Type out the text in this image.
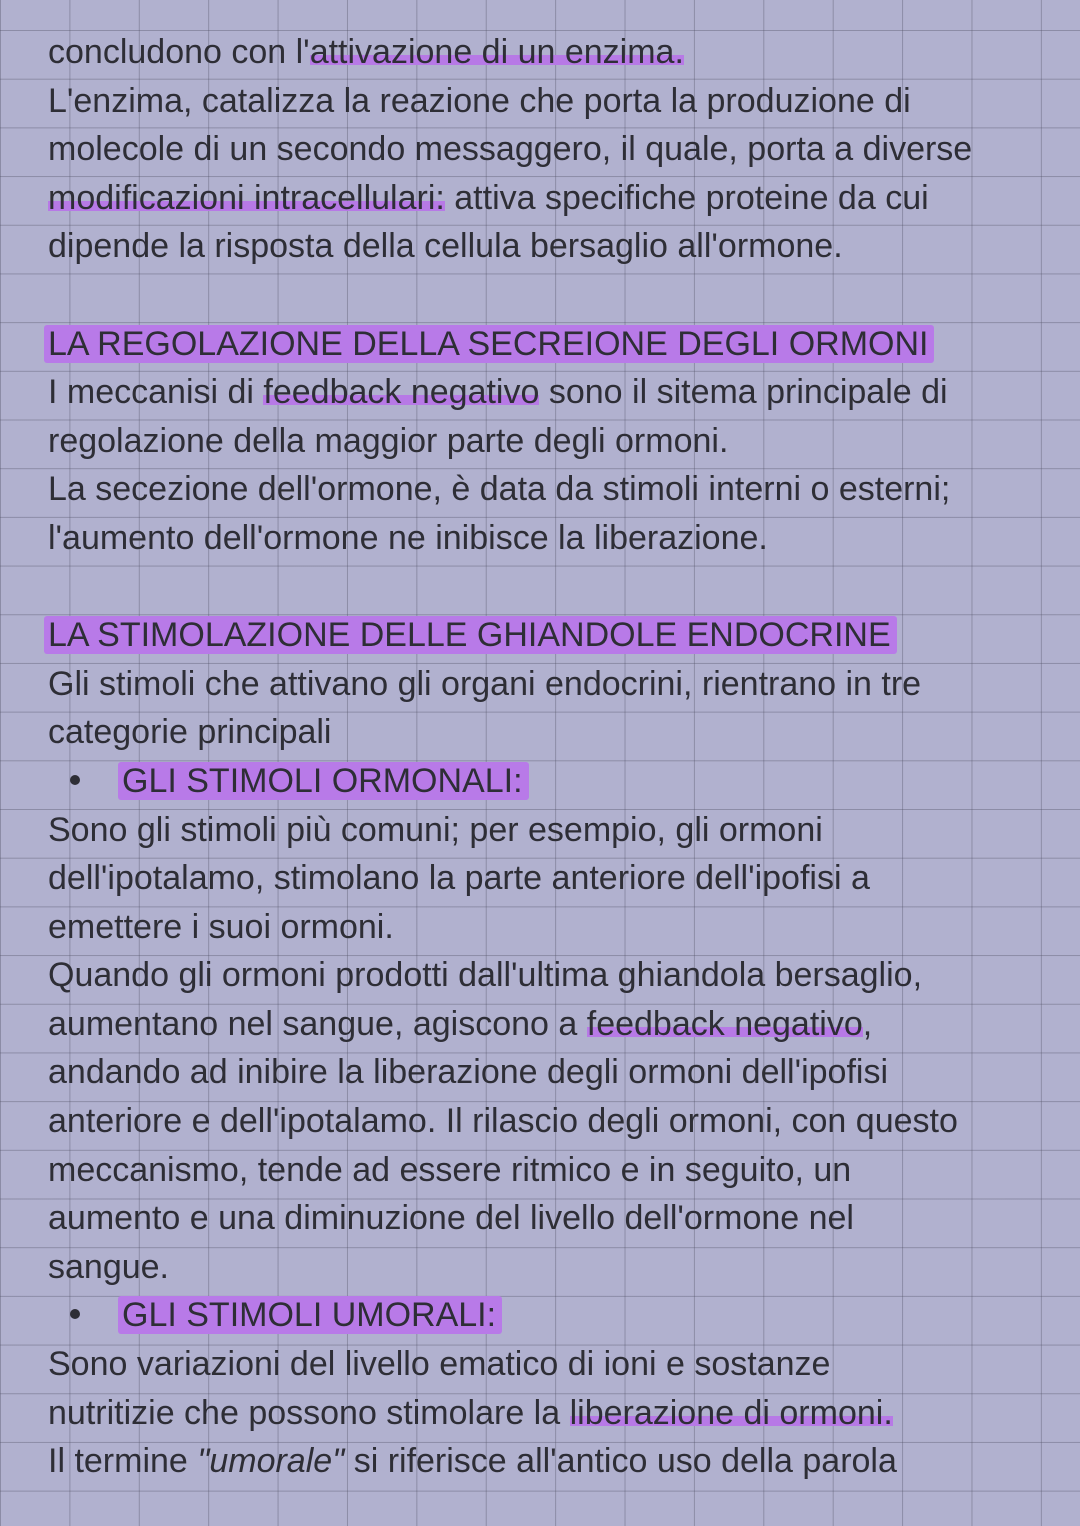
concludono con l'attivazione di un enzima.
L'enzima, catalizza la reazione che porta la produzione di
molecole di un secondo messaggero, il quale, porta a diverse
modificazioni intracellulari: attiva specifiche proteine da cui
dipende la risposta della cellula bersaglio all'ormone.
LA REGOLAZIONE DELLA SECREIONE DEGLI ORMONI
I meccanisi di feedback negativo sono il sitema principale di
regolazione della maggior parte degli ormoni.
La secezione dell'ormone, è data da stimoli interni o esterni;
l'aumento dell'ormone ne inibisce la liberazione.
LA STIMOLAZIONE DELLE GHIANDOLE ENDOCRINE
Gli stimoli che attivano gli organi endocrini, rientrano in tre
categorie principali
GLI STIMOLI ORMONALI:
Sono gli stimoli più comuni; per esempio, gli ormoni
dell'ipotalamo, stimolano la parte anteriore dell'ipofisi a
emettere i suoi ormoni.
Quando gli ormoni prodotti dall'ultima ghiandola bersaglio,
aumentano nel sangue, agiscono a feedback negativo,
andando ad inibire la liberazione degli ormoni dell'ipofisi
anteriore e dell'ipotalamo. Il rilascio degli ormoni, con questo
meccanismo, tende ad essere ritmico e in seguito, un
aumento e una diminuzione del livello dell'ormone nel
sangue.
GLI STIMOLI UMORALI:
Sono variazioni del livello ematico di ioni e sostanze
nutritizie che possono stimolare la liberazione di ormoni.
Il termine "umorale" si riferisce all'antico uso della parola
